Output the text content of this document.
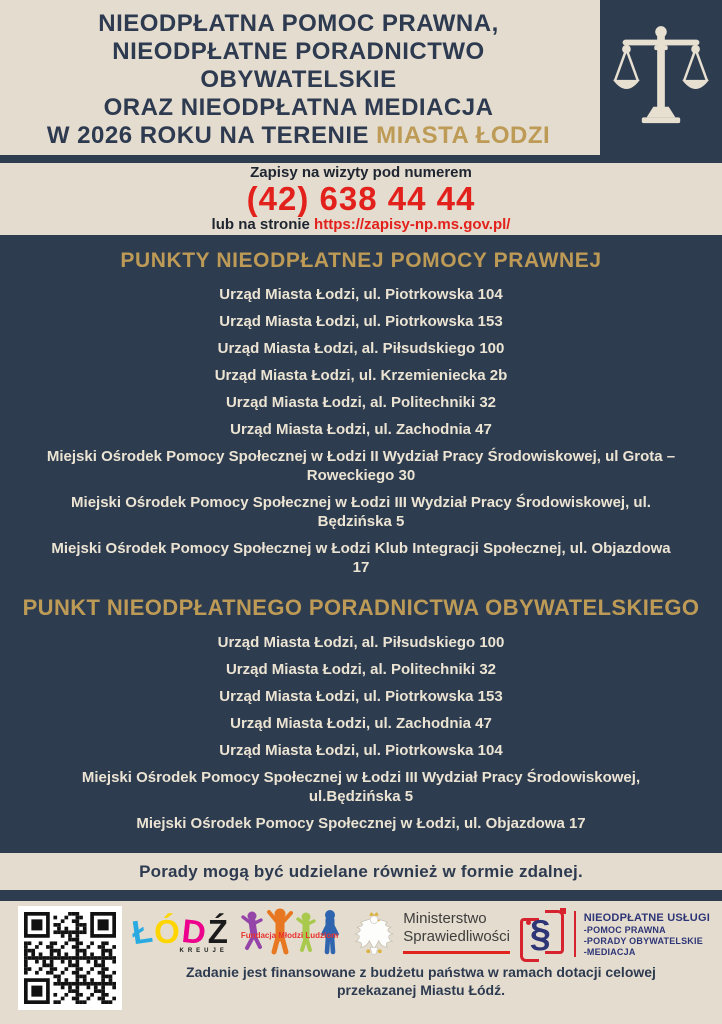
NIEODPŁATNA POMOC PRAWNA,
NIEODPŁATNE PORADNICTWO
OBYWATELSKIE
ORAZ NIEODPŁATNA MEDIACJA
W 2026 ROKU NA TERENIE MIASTA ŁODZI
Zapisy na wizyty pod numerem
(42) 638 44 44
lub na stronie https://zapisy-np.ms.gov.pl/
PUNKTY NIEODPŁATNEJ POMOCY PRAWNEJ
Urząd Miasta Łodzi, ul. Piotrkowska 104
Urząd Miasta Łodzi, ul. Piotrkowska 153
Urząd Miasta Łodzi, al. Piłsudskiego 100
Urząd Miasta Łodzi, ul. Krzemieniecka 2b
Urząd Miasta Łodzi, al. Politechniki 32
Urząd Miasta Łodzi, ul. Zachodnia 47
Miejski Ośrodek Pomocy Społecznej w Łodzi II Wydział Pracy Środowiskowej, ul Grota – Roweckiego 30
Miejski Ośrodek Pomocy Społecznej w Łodzi III Wydział Pracy Środowiskowej, ul. Będzińska 5
Miejski Ośrodek Pomocy Społecznej w Łodzi Klub Integracji Społecznej, ul. Objazdowa 17
PUNKT NIEODPŁATNEGO PORADNICTWA OBYWATELSKIEGO
Urząd Miasta Łodzi, al. Piłsudskiego 100
Urząd Miasta Łodzi, al. Politechniki 32
Urząd Miasta Łodzi, ul. Piotrkowska 153
Urząd Miasta Łodzi, ul. Zachodnia 47
Urząd Miasta Łodzi, ul. Piotrkowska 104
Miejski Ośrodek Pomocy Społecznej w Łodzi III Wydział Pracy Środowiskowej, ul.Będzińska 5
Miejski Ośrodek Pomocy Społecznej w Łodzi, ul. Objazdowa 17
Porady mogą być udzielane również w formie zdalnej.
Ł Ó D Ź
KREUJE
Fundacja Młodzi Ludziom
Ministerstwo
Sprawiedliwości §	NIEODPŁATNE USŁUGI
-POMOC PRAWNA
-PORADY OBYWATELSKIE
-MEDIACJA
Zadanie jest finansowane z budżetu państwa w ramach dotacji celowej
przekazanej Miastu Łódź.
